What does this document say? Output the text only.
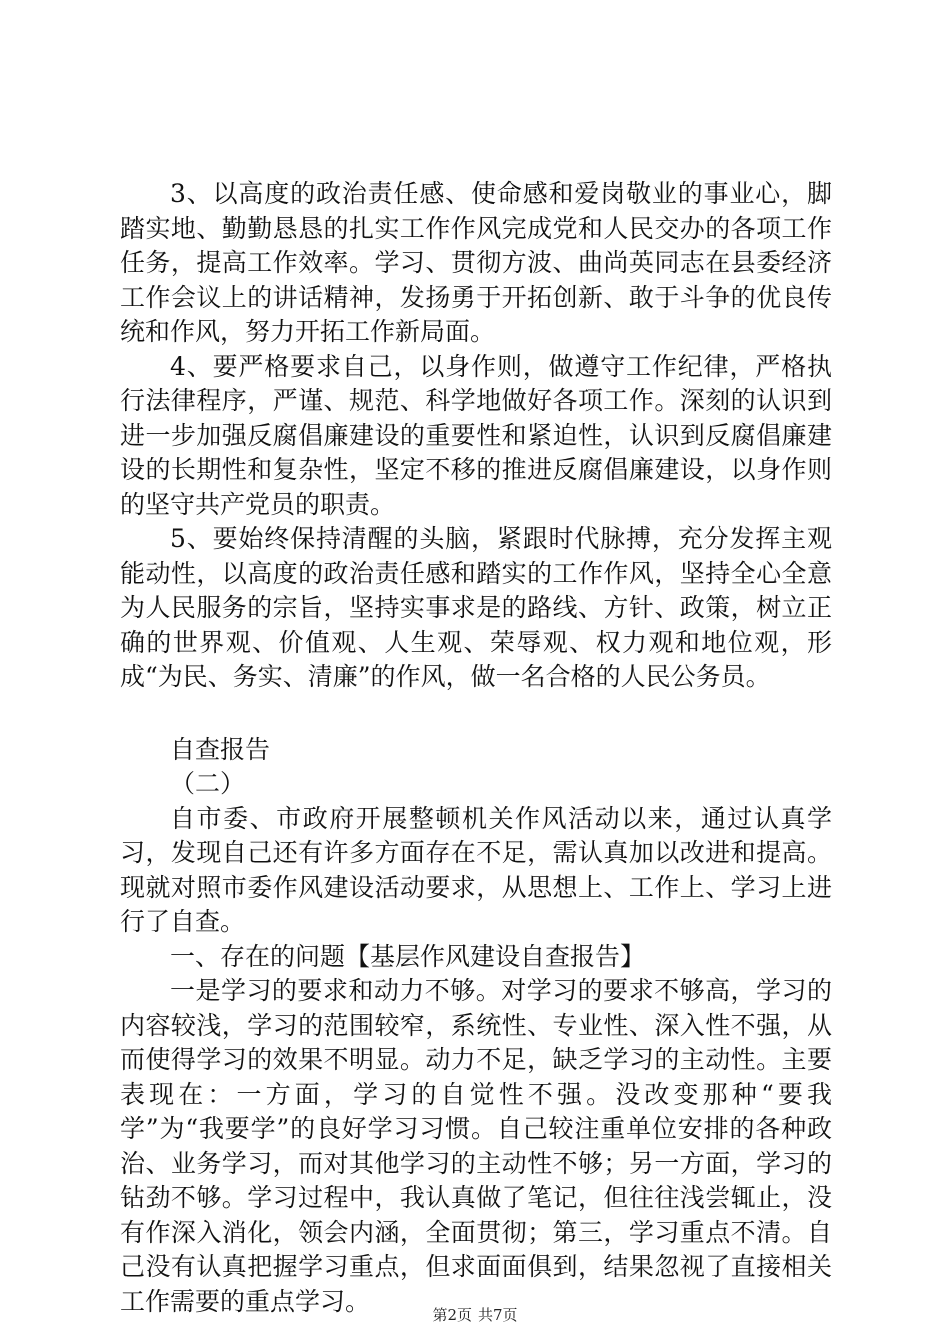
3、以高度的政治责任感、使命感和爱岗敬业的事业心，脚踏实地、勤勤恳恳的扎实工作作风完成党和人民交办的各项工作任务，提高工作效率。学习、贯彻方波、曲尚英同志在县委经济工作会议上的讲话精神，发扬勇于开拓创新、敢于斗争的优良传统和作风，努力开拓工作新局面。

4、要严格要求自己，以身作则，做遵守工作纪律，严格执行法律程序，严谨、规范、科学地做好各项工作。深刻的认识到进一步加强反腐倡廉建设的重要性和紧迫性，认识到反腐倡廉建设的长期性和复杂性，坚定不移的推进反腐倡廉建设，以身作则的坚守共产党员的职责。

5、要始终保持清醒的头脑，紧跟时代脉搏，充分发挥主观能动性，以高度的政治责任感和踏实的工作作风，坚持全心全意为人民服务的宗旨，坚持实事求是的路线、方针、政策，树立正确的世界观、价值观、人生观、荣辱观、权力观和地位观，形成“为民、务实、清廉”的作风，做一名合格的人民公务员。

自查报告

（二）

自市委、市政府开展整顿机关作风活动以来，通过认真学习，发现自己还有许多方面存在不足，需认真加以改进和提高。现就对照市委作风建设活动要求，从思想上、工作上、学习上进行了自查。

一、存在的问题【基层作风建设自查报告】

一是学习的要求和动力不够。对学习的要求不够高，学习的内容较浅，学习的范围较窄，系统性、专业性、深入性不强，从而使得学习的效果不明显。动力不足，缺乏学习的主动性。主要表现在：一方面，学习的自觉性不强。没改变那种“要我学”为“我要学”的良好学习习惯。自己较注重单位安排的各种政治、业务学习，而对其他学习的主动性不够；另一方面，学习的钻劲不够。学习过程中，我认真做了笔记，但往往浅尝辄止，没有作深入消化，领会内涵，全面贯彻；第三，学习重点不清。自己没有认真把握学习重点，但求面面俱到，结果忽视了直接相关工作需要的重点学习。	第2页 共7页
